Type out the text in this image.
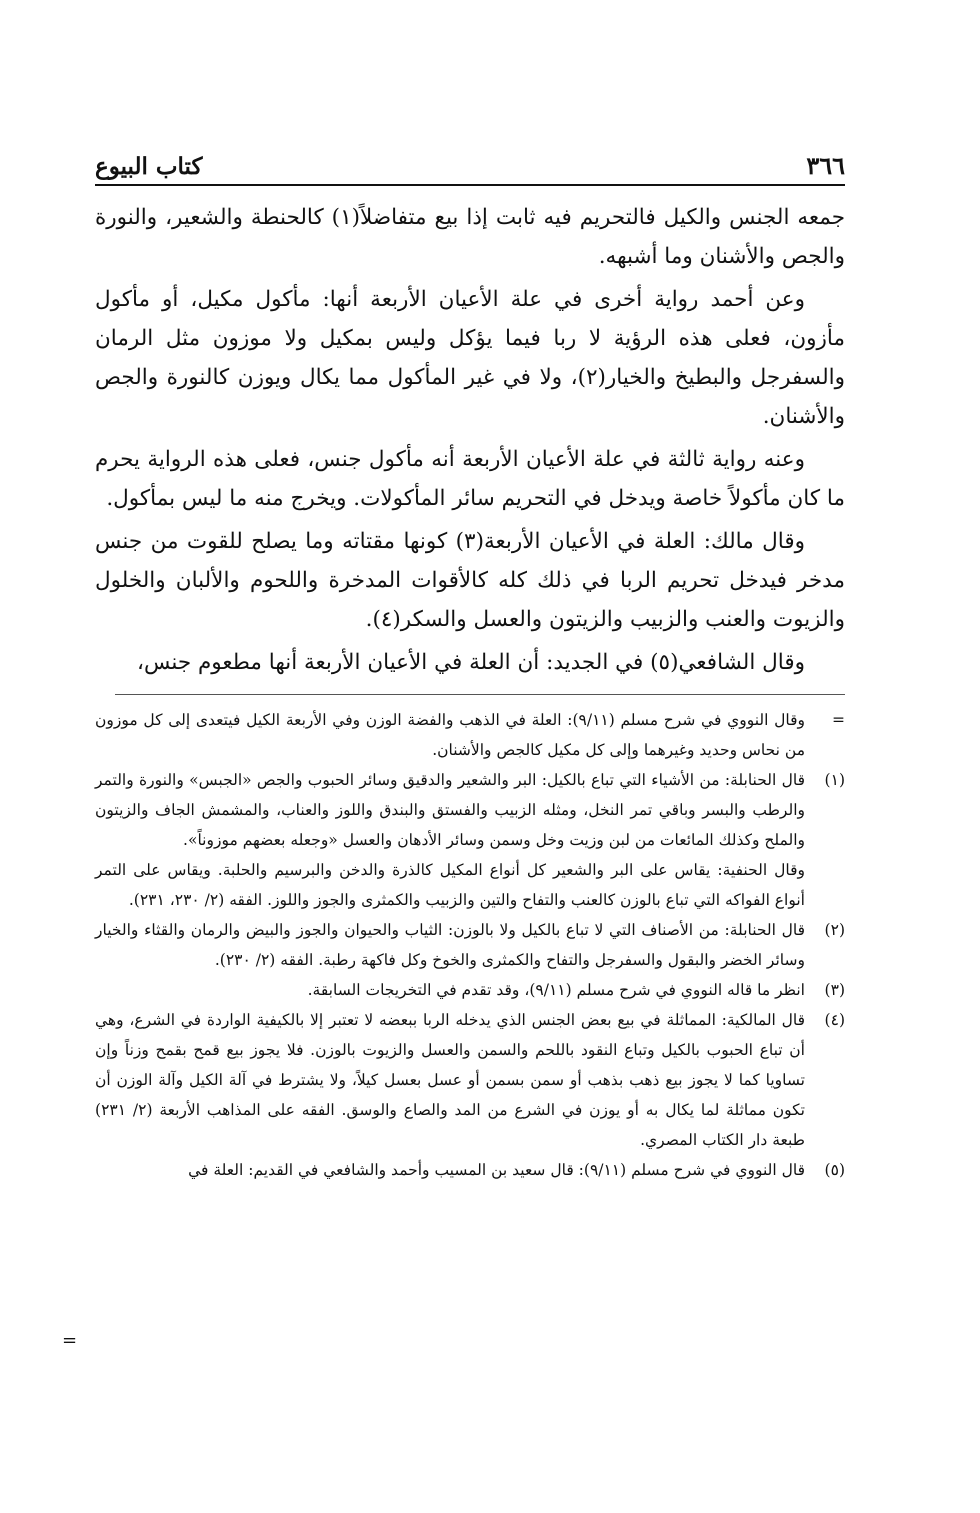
٣٦٦
كتاب البيوع

جمعه الجنس والكيل فالتحريم فيه ثابت إذا بيع متفاضلاً(١) كالحنطة والشعير، والنورة والجص والأشنان وما أشبهه.

وعن أحمد رواية أخرى في علة الأعيان الأربعة أنها: مأكول مكيل، أو مأكول مأزون، فعلى هذه الرؤية لا ربا فيما يؤكل وليس بمكيل ولا موزون مثل الرمان والسفرجل والبطيخ والخيار(٢)، ولا في غير المأكول مما يكال ويوزن كالنورة والجص والأشنان.

وعنه رواية ثالثة في علة الأعيان الأربعة أنه مأكول جنس، فعلى هذه الرواية يحرم ما كان مأكولاً خاصة ويدخل في التحريم سائر المأكولات. ويخرج منه ما ليس بمأكول.

وقال مالك: العلة في الأعيان الأربعة(٣) كونها مقتاته وما يصلح للقوت من جنس مدخر فيدخل تحريم الربا في ذلك كله كالأقوات المدخرة واللحوم والألبان والخلول والزيوت والعنب والزبيب والزيتون والعسل والسكر(٤).

وقال الشافعي(٥) في الجديد: أن العلة في الأعيان الأربعة أنها مطعوم جنس،

=
وقال النووي في شرح مسلم (٩/١١): العلة في الذهب والفضة الوزن وفي الأربعة الكيل فيتعدى إلى كل موزون من نحاس وحديد وغيرهما وإلى كل مكيل كالجص والأشنان.
(١)
قال الحنابلة: من الأشياء التي تباع بالكيل: البر والشعير والدقيق وسائر الحبوب والجص «الجبس» والنورة والتمر والرطب والبسر وباقي تمر النخل، ومثله الزبيب والفستق والبندق واللوز والعناب، والمشمش الجاف والزيتون والملح وكذلك المائعات من لبن وزيت وخل وسمن وسائر الأدهان والعسل «وجعله بعضهم موزوناً».
وقال الحنفية: يقاس على البر والشعير كل أنواع المكيل كالذرة والدخن والبرسيم والحلبة. ويقاس على التمر أنواع الفواكه التي تباع بالوزن كالعنب والتفاح والتين والزبيب والكمثرى والجوز واللوز. الفقه (٢/ ٢٣٠، ٢٣١).
(٢)
قال الحنابلة: من الأصناف التي لا تباع بالكيل ولا بالوزن: الثياب والحيوان والجوز والبيض والرمان والقثاء والخيار وسائر الخضر والبقول والسفرجل والتفاح والكمثرى والخوخ وكل فاكهة رطبة. الفقه (٢/ ٢٣٠).
(٣)
انظر ما قاله النووي في شرح مسلم (٩/١١)، وقد تقدم في التخريجات السابقة.
(٤)
قال المالكية: المماثلة في بيع بعض الجنس الذي يدخله الربا ببعضه لا تعتبر إلا بالكيفية الواردة في الشرع، وهي أن تباع الحبوب بالكيل وتباع النقود باللحم والسمن والعسل والزيوت بالوزن. فلا يجوز بيع قمح بقمح وزناً وإن تساويا كما لا يجوز بيع ذهب بذهب أو سمن بسمن أو عسل بعسل كيلاً، ولا يشترط في آلة الكيل وآلة الوزن أن تكون مماثلة لما يكال به أو يوزن في الشرع من المد والصاع والوسق. الفقه على المذاهب الأربعة (٢/ ٢٣١) طبعة دار الكتاب المصري.
(٥)
قال النووي في شرح مسلم (٩/١١): قال سعيد بن المسيب وأحمد والشافعي في القديم: العلة في
=
